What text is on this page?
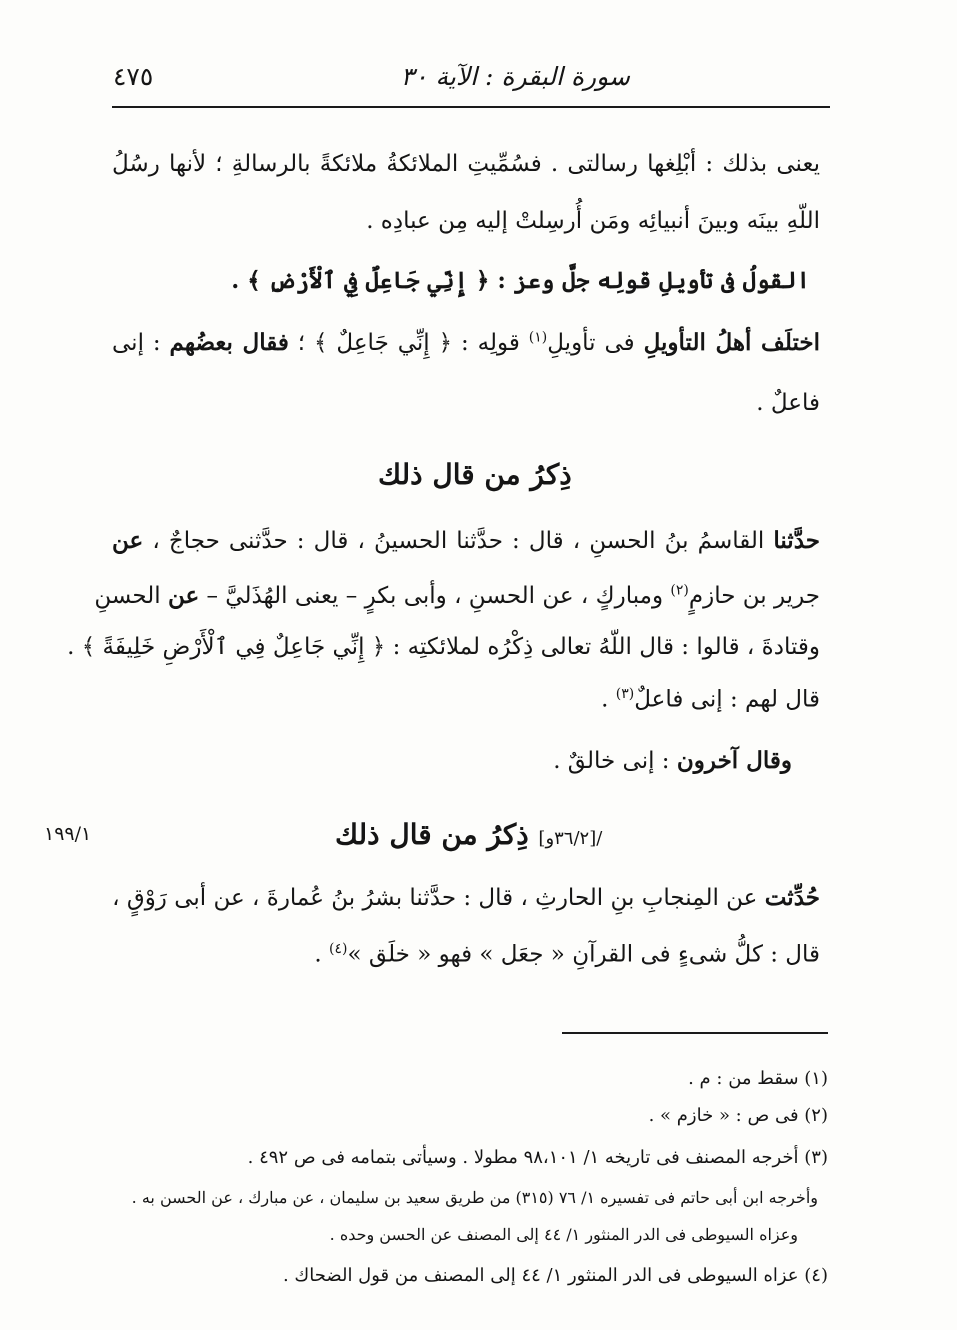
٤٧٥	سورة البقرة : الآية ٣٠
يعنى بذلك : أبْلِغها رسالتى . فسُمِّيتِ الملائكةُ ملائكةً بالرسالةِ ؛ لأنها رسُلُ
اللّهِ بينَه وبينَ أنبيائِه ومَن أُرسِلتْ إليه مِن عبادِه .
القولُ فى تأويلِ قولِه جلَّ وعز : ﴿ إِنِّي جَاعِلٌ فِي ٱلْأَرْضِ ﴾ .
اختلَف أهلُ التأويلِ فى تأويلِ$^{(١)}$ قولِه : ﴿ إِنِّي جَاعِلٌ ﴾ ؛ فقال بعضُهم : إنى
فاعلٌ .
حدَّثنا القاسمُ بنُ الحسنِ ، قال : حدَّثنا الحسينُ ، قال : حدَّثنى حجاجٌ ، عن
جرير بن حازمٍ$^{(٢)}$ ومباركٍ ، عن الحسنِ ، وأبى بكرٍ – يعنى الهُذَليَّ – عن الحسنِ
وقتادةَ ، قالوا : قال اللّهُ تعالى ذِكْرُه لملائكتِه : ﴿ إِنِّي جَاعِلٌ فِي ٱلْأَرْضِ خَلِيفَةً ﴾ .
قال لهم : إنى فاعلٌ$^{(٣)}$ .
وقال آخرون : إنى خالقٌ .
حُدِّثت عن المِنجابِ بنِ الحارثِ ، قال : حدَّثنا بشرُ بنُ عُمارةَ ، عن أبى رَوْقٍ ،
قال : كلُّ شىءٍ فى القرآنِ « جعَل » فهو « خلَق »$^{(٤)}$ .
ذِكرُ من قال ذلك
/[٣٦/٢و] ذِكرُ من قال ذلك
١٩٩/١
(١) سقط من : م .
(٢) فى ص : « خازم » .
(٣) أخرجه المصنف فى تاريخه ١/ ٩٨،١٠١ مطولا . وسيأتى بتمامه فى ص ٤٩٢ .
وأخرجه ابن أبى حاتم فى تفسيره ١/ ٧٦ (٣١٥) من طريق سعيد بن سليمان ، عن مبارك ، عن الحسن به .
وعزاه السيوطى فى الدر المنثور ١/ ٤٤ إلى المصنف عن الحسن وحده .
(٤) عزاه السيوطى فى الدر المنثور ١/ ٤٤ إلى المصنف من قول الضحاك .
